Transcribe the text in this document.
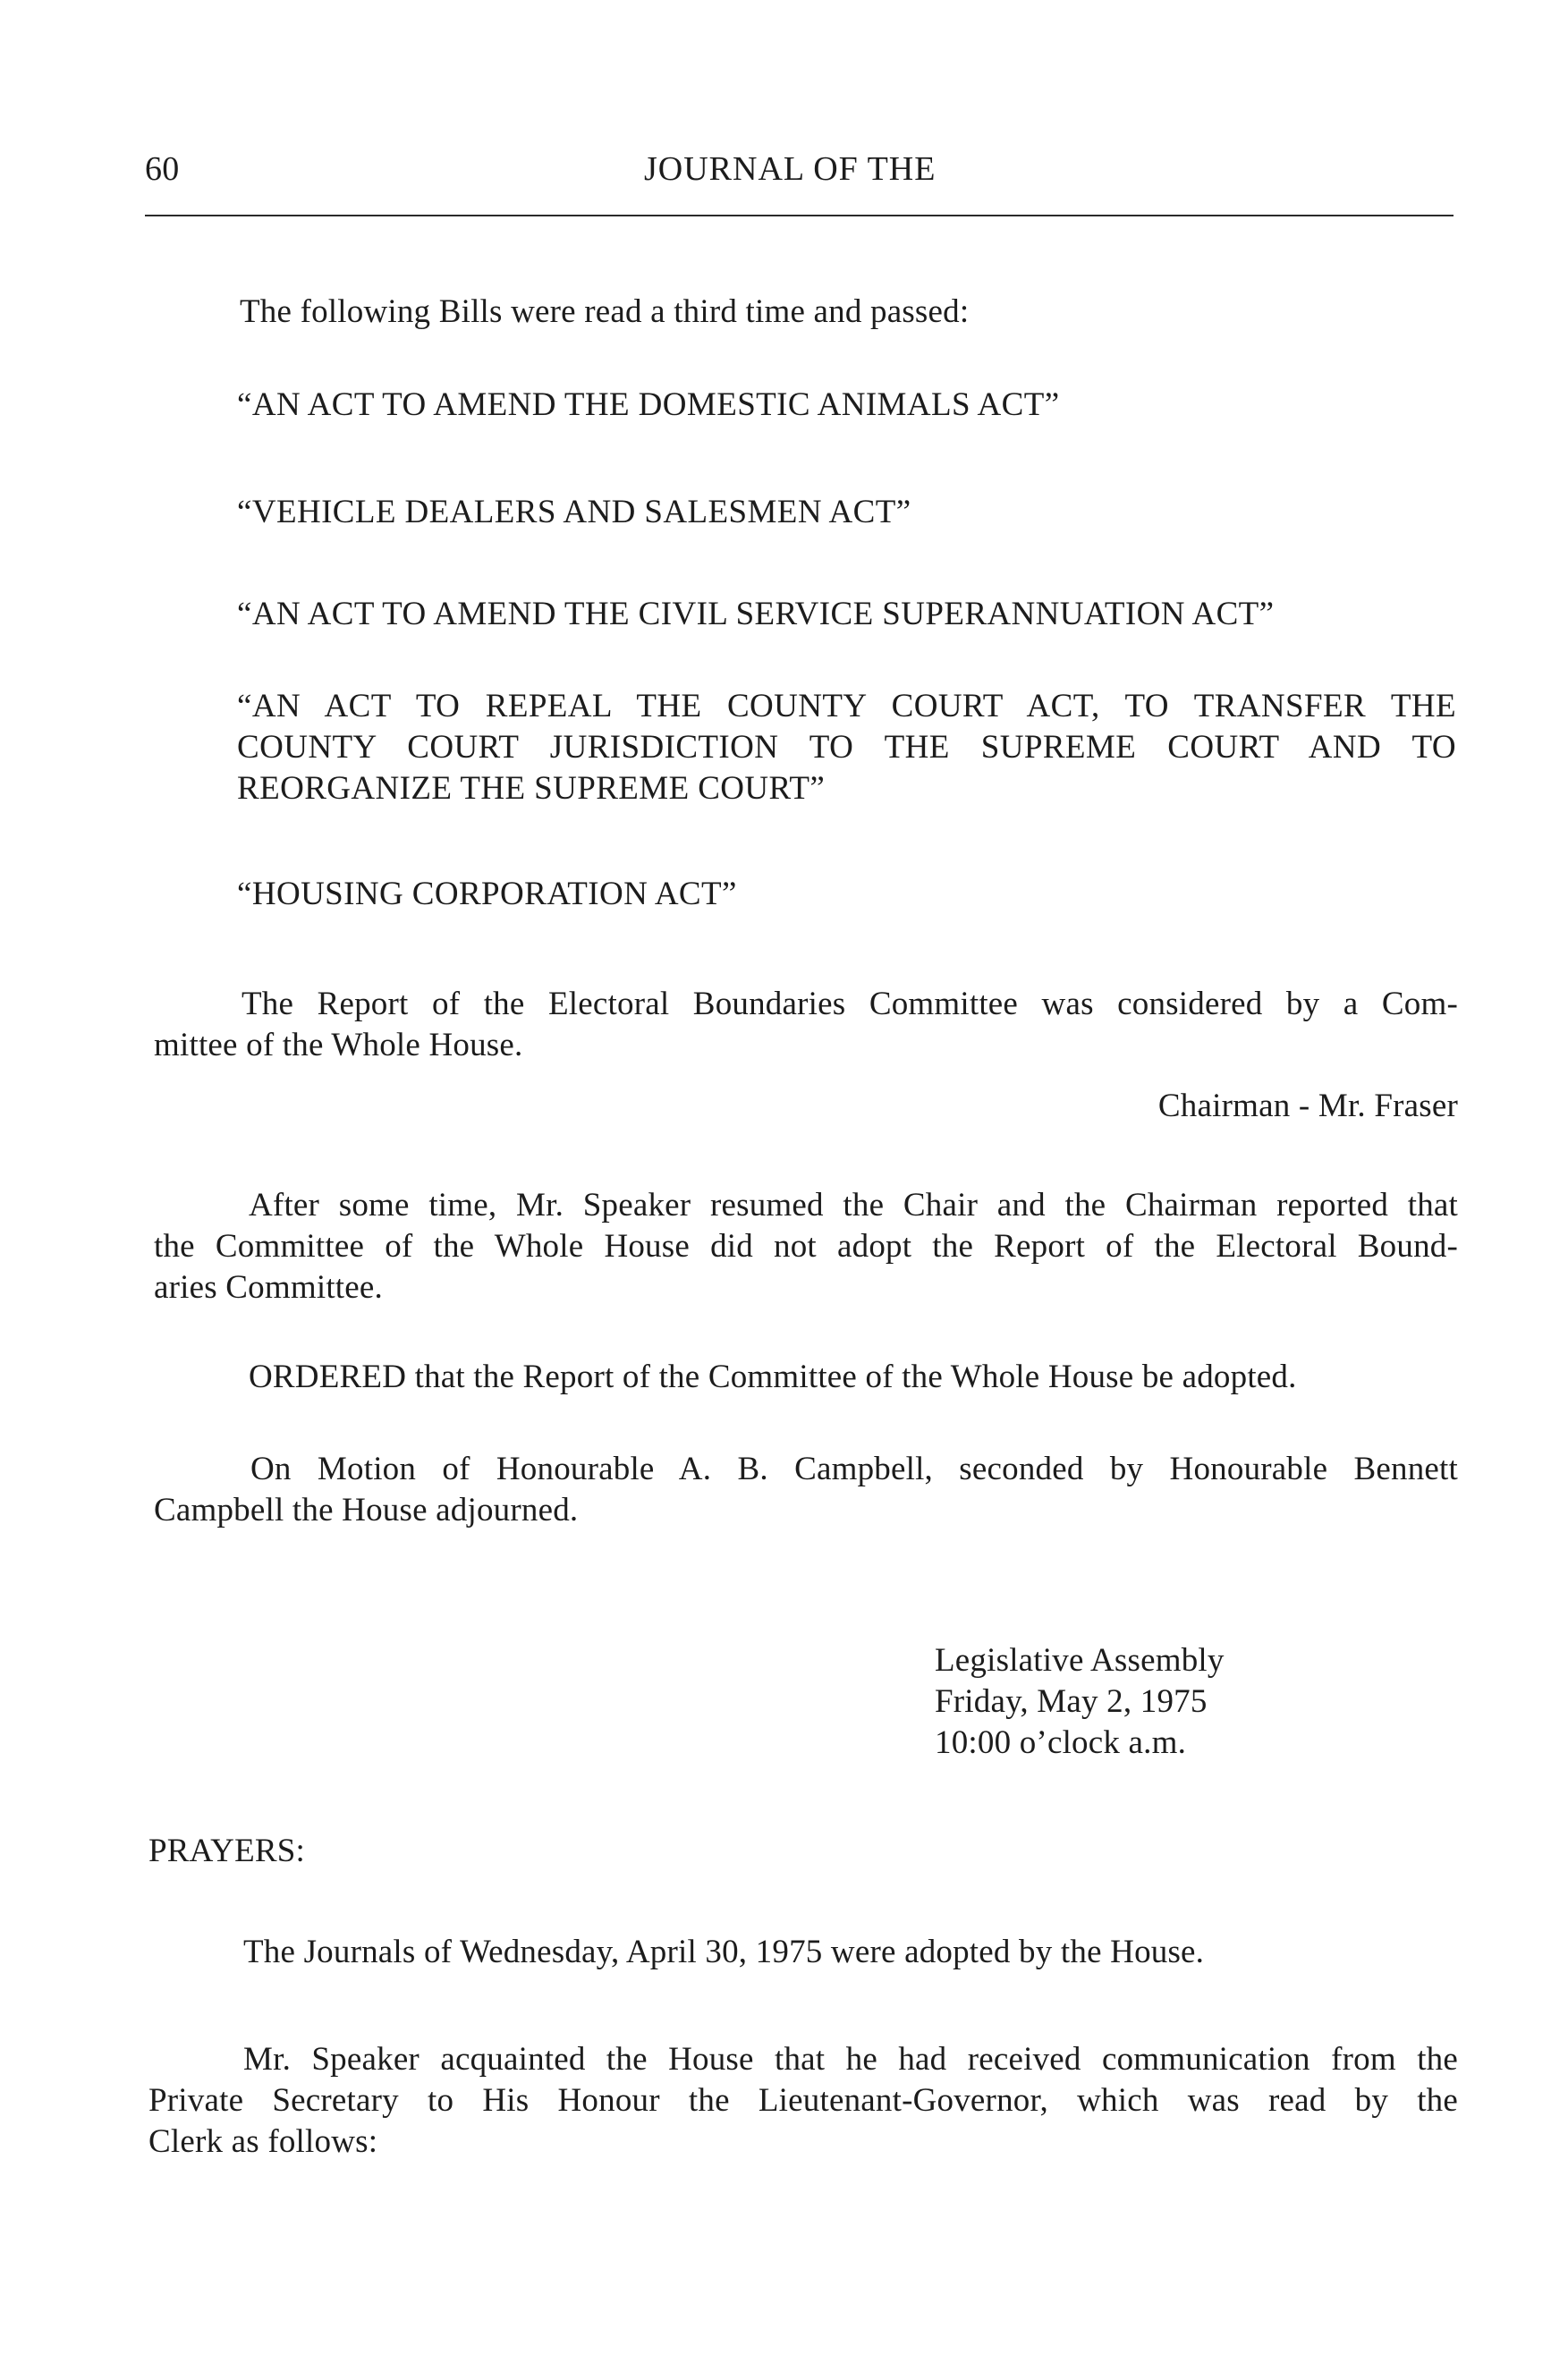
60	JOURNAL OF THE

The following Bills were read a third time and passed:

“AN ACT TO AMEND THE DOMESTIC ANIMALS ACT”

“VEHICLE DEALERS AND SALESMEN ACT”

“AN ACT TO AMEND THE CIVIL SERVICE SUPERANNUATION ACT”

“AN ACT TO REPEAL THE COUNTY COURT ACT, TO TRANSFER THE

COUNTY COURT JURISDICTION TO THE SUPREME COURT AND TO

REORGANIZE THE SUPREME COURT”

“HOUSING CORPORATION ACT”

The Report of the Electoral Boundaries Committee was considered by a Com-

mittee of the Whole House.

Chairman - Mr. Fraser

After some time, Mr. Speaker resumed the Chair and the Chairman reported that

the Committee of the Whole House did not adopt the Report of the Electoral Bound-

aries Committee.

ORDERED that the Report of the Committee of the Whole House be adopted.

On Motion of Honourable A. B. Campbell, seconded by Honourable Bennett

Campbell the House adjourned.

Legislative Assembly

Friday, May 2, 1975

10:00 o’clock a.m.

PRAYERS:

The Journals of Wednesday, April 30, 1975 were adopted by the House.

Mr. Speaker acquainted the House that he had received communication from the

Private Secretary to His Honour the Lieutenant-Governor, which was read by the

Clerk as follows:
